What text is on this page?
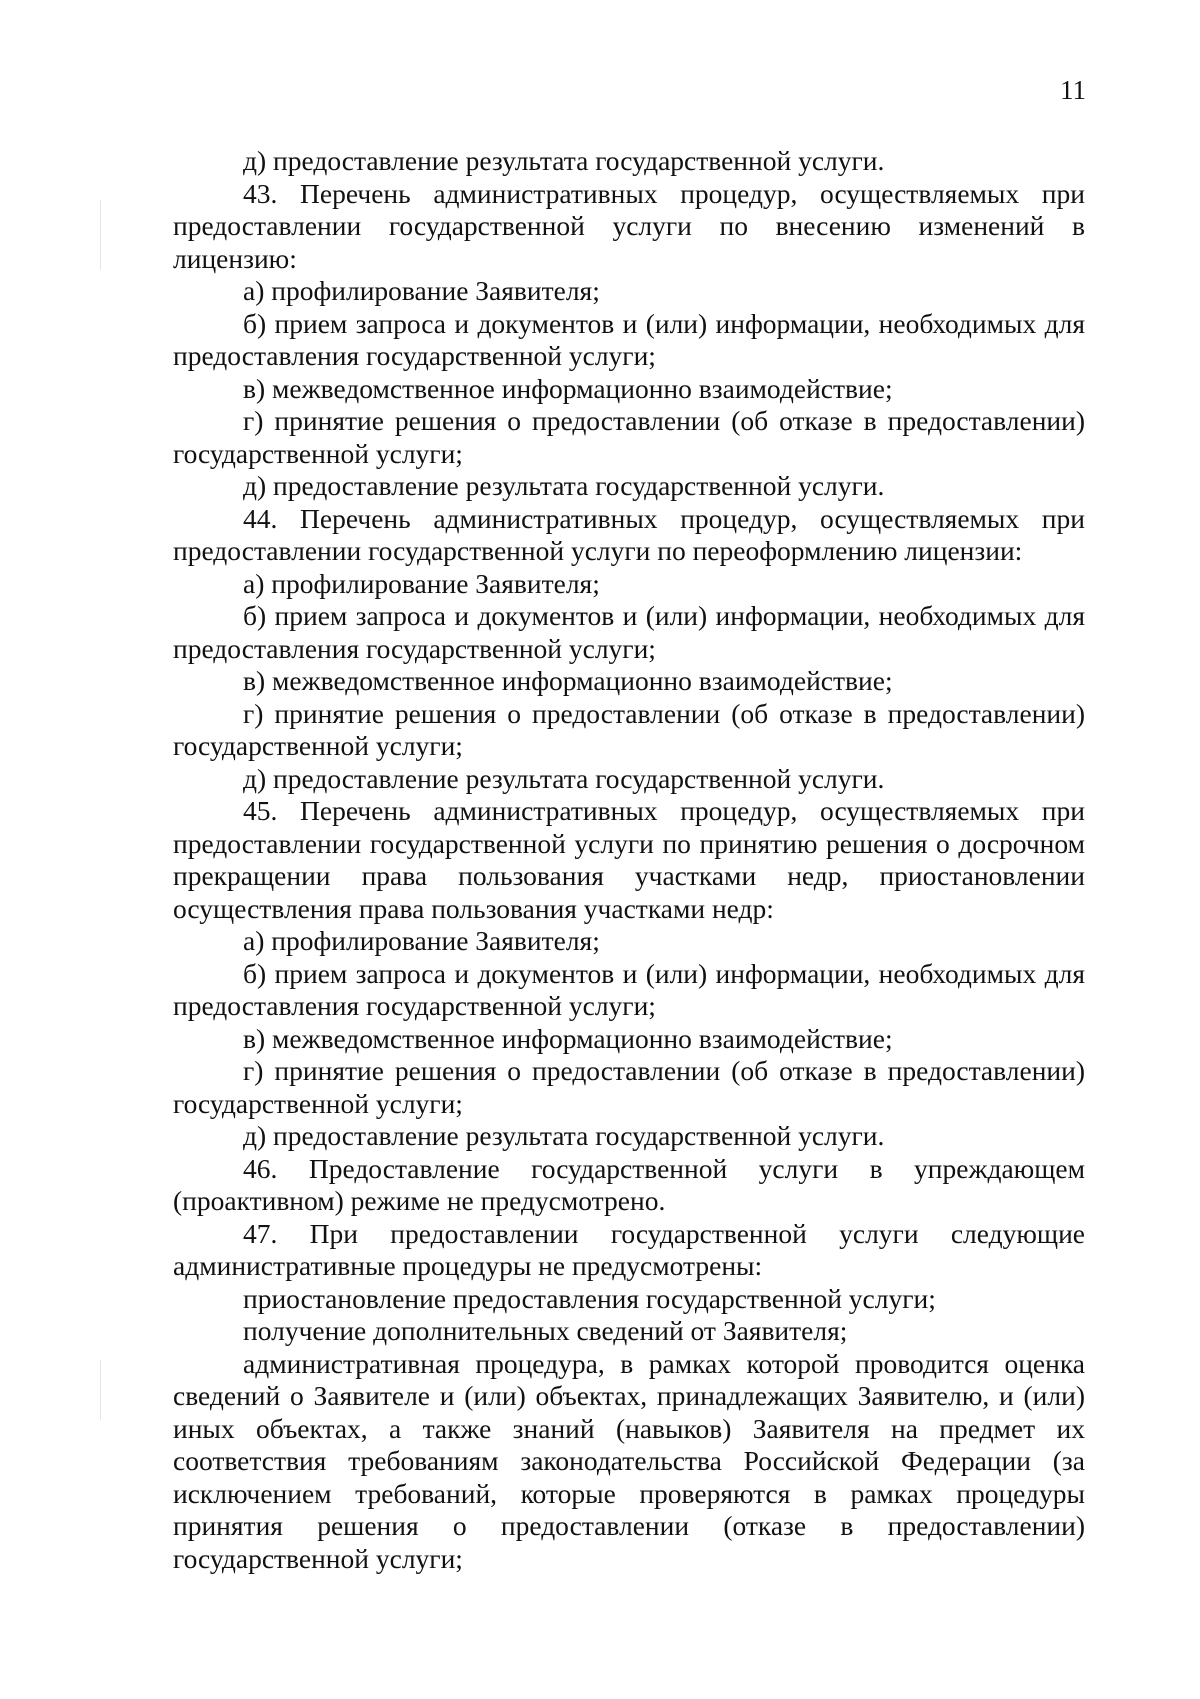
11

д) предоставление результата государственной услуги.

43. Перечень административных процедур, осуществляемых при предоставлении государственной услуги по внесению изменений в лицензию:

а) профилирование Заявителя;

б) прием запроса и документов и (или) информации, необходимых для предоставления государственной услуги;

в) межведомственное информационно взаимодействие;

г) принятие решения о предоставлении (об отказе в предоставлении) государственной услуги;

д) предоставление результата государственной услуги.

44. Перечень административных процедур, осуществляемых при предоставлении государственной услуги по переоформлению лицензии:

а) профилирование Заявителя;

б) прием запроса и документов и (или) информации, необходимых для предоставления государственной услуги;

в) межведомственное информационно взаимодействие;

г) принятие решения о предоставлении (об отказе в предоставлении) государственной услуги;

д) предоставление результата государственной услуги.

45. Перечень административных процедур, осуществляемых при предоставлении государственной услуги по принятию решения о досрочном прекращении права пользования участками недр, приостановлении осуществления права пользования участками недр:

а) профилирование Заявителя;

б) прием запроса и документов и (или) информации, необходимых для предоставления государственной услуги;

в) межведомственное информационно взаимодействие;

г) принятие решения о предоставлении (об отказе в предоставлении) государственной услуги;

д) предоставление результата государственной услуги.

46. Предоставление государственной услуги в упреждающем (проактивном) режиме не предусмотрено.

47. При предоставлении государственной услуги следующие административные процедуры не предусмотрены:

приостановление предоставления государственной услуги;

получение дополнительных сведений от Заявителя;

административная процедура, в рамках которой проводится оценка сведений о Заявителе и (или) объектах, принадлежащих Заявителю, и (или) иных объектах, а также знаний (навыков) Заявителя на предмет их соответствия требованиям законодательства Российской Федерации (за исключением требований, которые проверяются в рамках процедуры принятия решения о предоставлении (отказе в предоставлении) государственной услуги;
